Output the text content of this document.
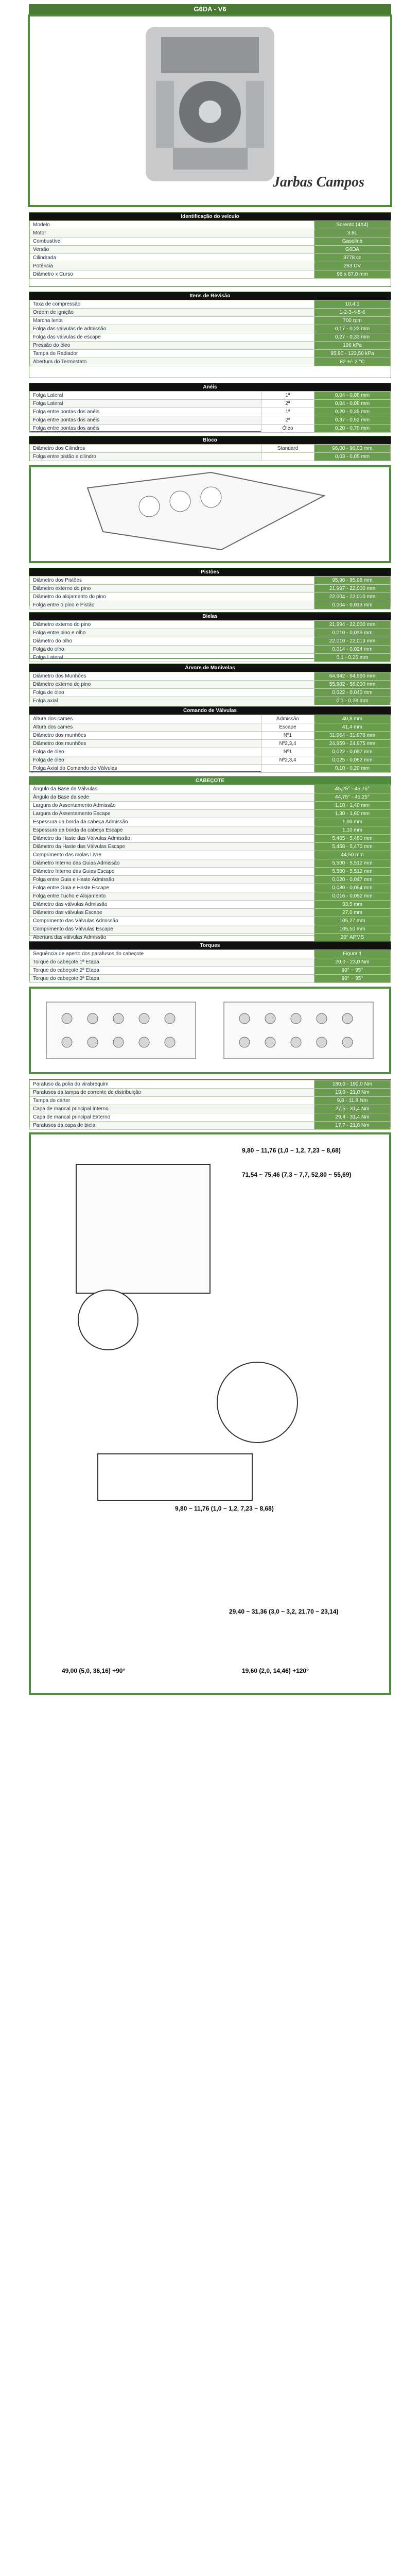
G6DA - V6
Jarbas Campos
Identificação do veículo
Modelo	Sorento (4X4)
Motor	3.8L
Combustível	Gasolina
Versão	G6DA
Cilindrada	3778 cc
Potência	263 CV
Diâmetro x Curso	96 x 87,0 mm
Itens de Revisão
Taxa de compressão	10,4:1
Ordem de ignição	1-2-3-4-5-6
Marcha lenta	700 rpm
Folga das válvulas de admissão	0,17 - 0,23 mm
Folga das válvulas de escape	0,27 - 0,33 mm
Pressão do óleo	196 kPa
Tampa do Radiador	95,90 - 123,50 kPa
Abertura do Termostato	82 +/- 2 °C
Anéis
Folga Lateral	1ª	0,04 - 0,08 mm
Folga Lateral	2ª	0,04 - 0,08 mm
Folga entre pontas dos anéis	1ª	0,20 - 0,35 mm
Folga entre pontas dos anéis	2ª	0,37 - 0,52 mm
Folga entre pontas dos anéis	Óleo	0,20 - 0,70 mm
Bloco
Diâmetro dos Cilindros	Standard	96,00 - 96,03 mm
Folga entre pistão e cilindro		0,03 - 0,05 mm
Pistões
Diâmetro dos Pistões	95,96 - 95,98 mm
Diâmetro externo do pino	21,997 - 22,000 mm
Diâmetro do alojamento do pino	22,004 - 22,010 mm
Folga entre o pino e Pistão	0,004 - 0,013 mm
Bielas
Diâmetro externo do pino	21,994 - 22,000 mm
Folga entre pino e olho	0,010 - 0,019 mm
Diâmetro do olho	22,010 - 22,013 mm
Folga do olho	0,014 - 0,024 mm
Folga Lateral	0,1 - 0,25 mm
Árvore de Manivelas
Diâmetro dos Munhões	64,942 - 64,960 mm
Diâmetro externo do pino	55,982 - 56,000 mm
Folga de óleo	0,022 - 0,040 mm
Folga axial	0,1 - 0,28 mm
Comando de Válvulas
Altura dos cames	Admissão	40,8 mm
Altura dos cames	Escape	41,4 mm
Diâmetro dos munhões	Nº1	31,964 - 31,978 mm
Diâmetro dos munhões	Nº2,3,4	24,959 - 24,975 mm
Folga de óleo	Nº1	0,022 - 0,057 mm
Folga de óleo	Nº2,3,4	0,025 - 0,062 mm
Folga Axial do Comando de Válvulas		0,10 - 0,20 mm
CABEÇOTE
Ângulo da Base da Válvulas	45,25° - 45,75°
Ângulo da Base da sede	44,75° - 45,25°
Largura do Assentamento Admissão	1,10 - 1,40 mm
Largura do Assentamento Escape	1,30 - 1,60 mm
Espessura da borda da cabeça Admissão	1,00 mm
Espessura da borda da cabeça Escape	1,10 mm
Diâmetro da Haste das Válvulas Admissão	5,465 - 5,480 mm
Diâmetro da Haste das Válvulas Escape	5,458 - 5,470 mm
Comprimento das molas Livre	44,50 mm
Diâmetro Interno das Guias Admissão	5,500 - 5,512 mm
Diâmetro Interno das Guias Escape	5,500 - 5,512 mm
Folga entre Guia e Haste Admissão	0,020 - 0,047 mm
Folga entre Guia e Haste Escape	0,030 - 0,054 mm
Folga entre Tucho e Alojamento	0,016 - 0,052 mm
Diâmetro das válvulas Admissão	33,5 mm
Diâmetro das válvulas Escape	27,0 mm
Comprimento das Válvulas Admissão	105,27 mm
Comprimento das Válvulas Escape	105,50 mm
Abertura das válvulas Admissão	20° APMS

Torques
Sequência de aperto dos parafusos do cabeçote	Figura 1
Torque do cabeçote 1ª Etapa	20,0 - 23,0 Nm
Torque do cabeçote 2ª Etapa	90° ~ 95°
Torque do cabeçote 3ª Etapa	90° ~ 95°
Parafuso da polia do virabrequim	180,0 - 190,0 Nm
Parafusos da tampa de corrente de distribuição	19,0 - 21,0 Nm
Tampa do cárter	9,8 - 11,8 Nm
Capa de mancal principal Interno	27,5 - 31,4 Nm
Capa de mancal principal Externo	29,4 - 31,4 Nm
Parafusos da capa de biela	17,7 - 21,6 Nm
9,80 ~ 11,76 (1,0 ~ 1,2, 7,23 ~ 8,68)
71,54 ~ 75,46 (7,3 ~ 7,7, 52,80 ~ 55,69)
9,80 ~ 11,76 (1,0 ~ 1,2, 7,23 ~ 8,68)
29,40 ~ 31,36 (3,0 ~ 3,2, 21,70 ~ 23,14)
49,00 (5,0, 36,16) +90°	19,60 (2,0, 14,46) +120°
